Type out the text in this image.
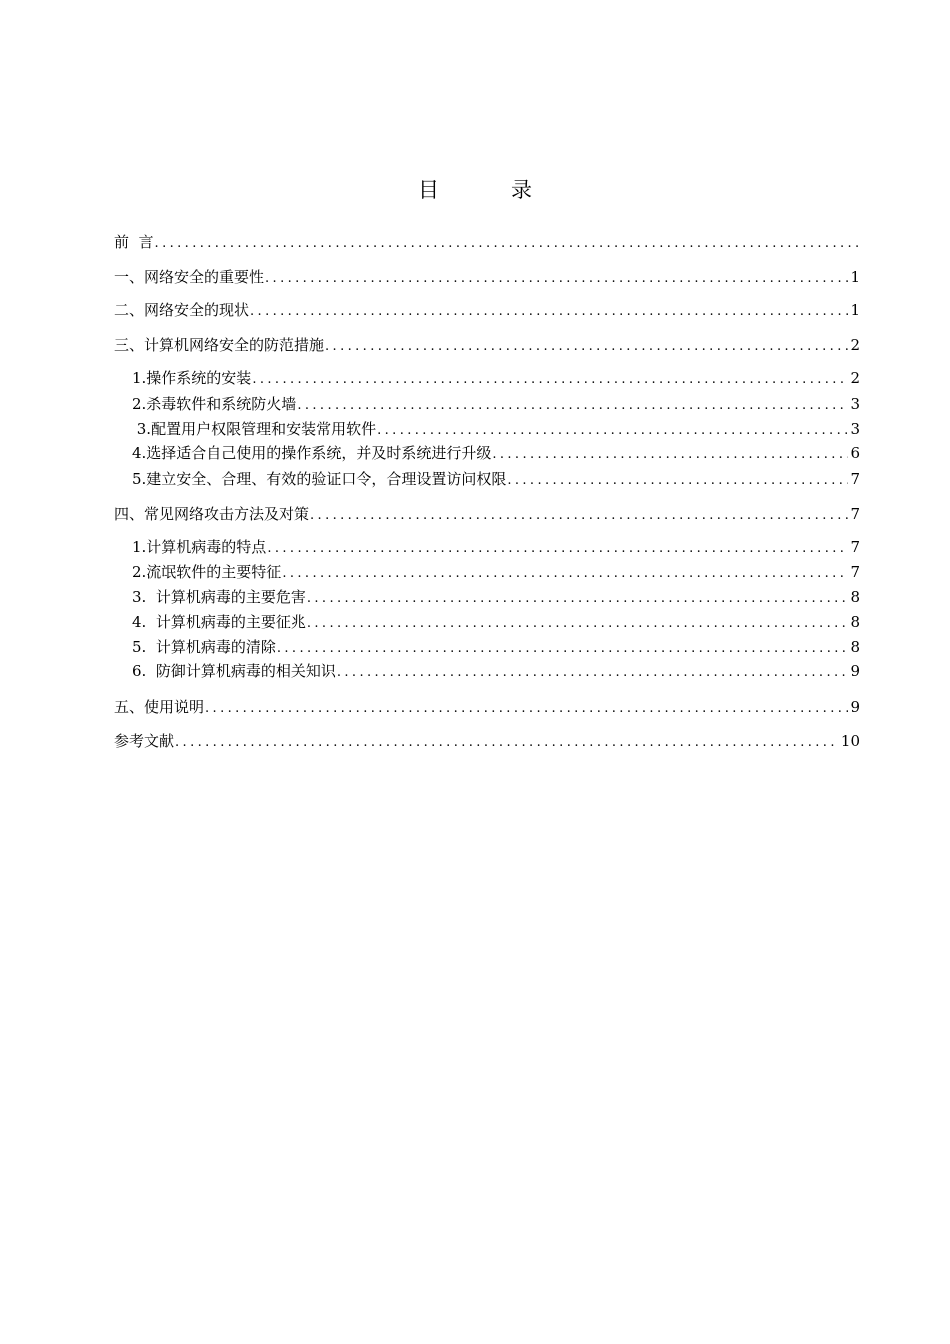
目	录
前  言
.....
一、网络安全的重要性 .....	1
二、网络安全的现状 .....	1
三、计算机网络安全的防范措施 .....	2
1.操作系统的安装 .....	2
2.杀毒软件和系统防火墙 .....	3
3.配置用户权限管理和安装常用软件 .....	3
4.选择适合自己使用的操作系统，并及时系统进行升级 .....	6
5.建立安全、合理、有效的验证口令，合理设置访问权限 .....	7
四、常见网络攻击方法及对策 .....	7
1.计算机病毒的特点 .....	7
2.流氓软件的主要特征 .....	7
3.  计算机病毒的主要危害 .....	8
4.  计算机病毒的主要征兆 .....	8
5.  计算机病毒的清除 .....	8
6.  防御计算机病毒的相关知识 .....	9
五、使用说明 .....	9
参考文献 .....	10
